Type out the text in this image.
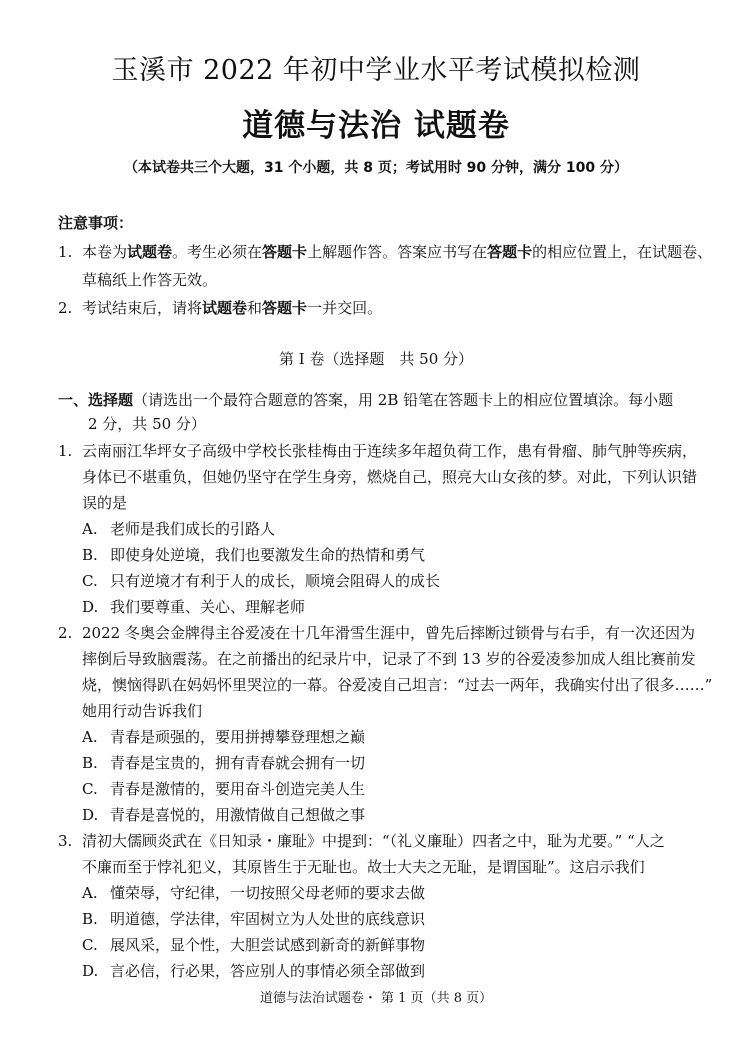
玉溪市 2022 年初中学业水平考试模拟检测
道德与法治 试题卷
（本试卷共三个大题，31 个小题，共 8 页；考试用时 90 分钟，满分 100 分）
注意事项：
1. 本卷为试题卷。考生必须在答题卡上解题作答。答案应书写在答题卡的相应位置上，在试题卷、
草稿纸上作答无效。
2. 考试结束后，请将试题卷和答题卡一并交回。
第 I 卷（选择题　共 50 分）
一、选择题（请选出一个最符合题意的答案，用 2B 铅笔在答题卡上的相应位置填涂。每小题
2 分，共 50 分）
1. 云南丽江华坪女子高级中学校长张桂梅由于连续多年超负荷工作，患有骨瘤、肺气肿等疾病，
身体已不堪重负，但她仍坚守在学生身旁，燃烧自己，照亮大山女孩的梦。对此，下列认识错
误的是
A. 老师是我们成长的引路人
B. 即使身处逆境，我们也要激发生命的热情和勇气
C. 只有逆境才有利于人的成长，顺境会阻碍人的成长
D. 我们要尊重、关心、理解老师
2. 2022 冬奥会金牌得主谷爱凌在十几年滑雪生涯中，曾先后摔断过锁骨与右手，有一次还因为
摔倒后导致脑震荡。在之前播出的纪录片中，记录了不到 13 岁的谷爱凌参加成人组比赛前发
烧，懊恼得趴在妈妈怀里哭泣的一幕。谷爱凌自己坦言：“过去一两年，我确实付出了很多……”
她用行动告诉我们
A. 青春是顽强的，要用拼搏攀登理想之巅
B. 青春是宝贵的，拥有青春就会拥有一切
C. 青春是激情的，要用奋斗创造完美人生
D. 青春是喜悦的，用激情做自己想做之事
3. 清初大儒顾炎武在《日知录・廉耻》中提到：“（礼义廉耻）四者之中，耻为尤要。” “人之
不廉而至于悖礼犯义，其原皆生于无耻也。故士大夫之无耻，是谓国耻”。这启示我们
A. 懂荣辱，守纪律，一切按照父母老师的要求去做
B. 明道德，学法律，牢固树立为人处世的底线意识
C. 展风采，显个性，大胆尝试感到新奇的新鲜事物
D. 言必信，行必果，答应别人的事情必须全部做到
道德与法治试题卷・ 第 1 页（共 8 页）
